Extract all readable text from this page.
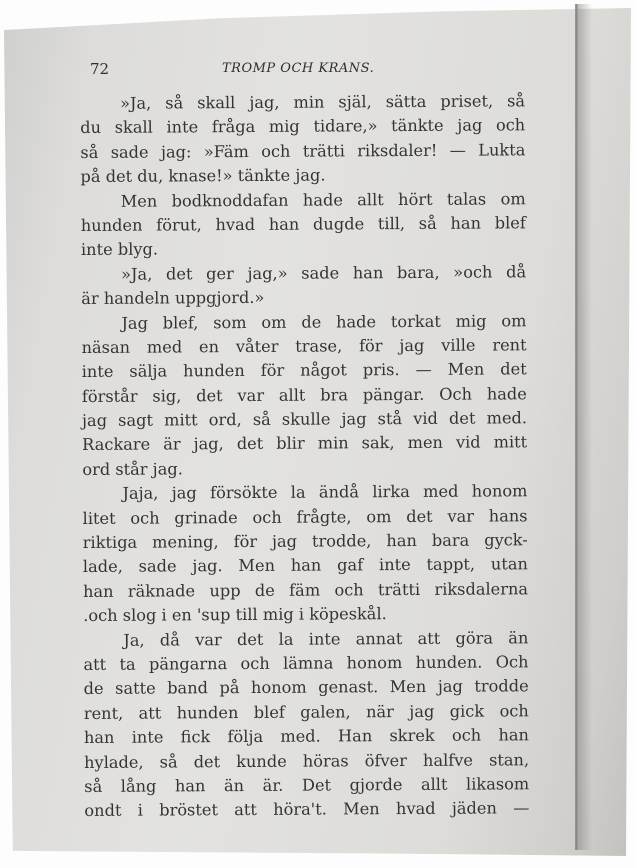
72	TROMP OCH KRANS.
»Ja, så skall jag, min själ, sätta priset, så
du skall inte fråga mig tidare,» tänkte jag och
så sade jag: »Fäm och trätti riksdaler! — Lukta
på det du, knase!» tänkte jag.
Men bodknoddafan hade allt hört talas om
hunden förut, hvad han dugde till, så han blef
inte blyg.
»Ja, det ger jag,» sade han bara, »och då
är handeln uppgjord.»
Jag blef, som om de hade torkat mig om
näsan med en våter trase, för jag ville rent
inte sälja hunden för något pris. — Men det
förstår sig, det var allt bra pängar. Och hade
jag sagt mitt ord, så skulle jag stå vid det med.
Rackare är jag, det blir min sak, men vid mitt
ord står jag.
Jaja, jag försökte la ändå lirka med honom
litet och grinade och frågte, om det var hans
riktiga mening, för jag trodde, han bara gyck-
lade, sade jag. Men han gaf inte tappt, utan
han räknade upp de fäm och trätti riksdalerna
.och slog i en 'sup till mig i köpeskål.
Ja, då var det la inte annat att göra än
att ta pängarna och lämna honom hunden. Och
de satte band på honom genast. Men jag trodde
rent, att hunden blef galen, när jag gick och
han inte fick följa med. Han skrek och han
hylade, så det kunde höras öfver halfve stan,
så lång han än är. Det gjorde allt likasom
ondt i bröstet att höra't. Men hvad jäden —
